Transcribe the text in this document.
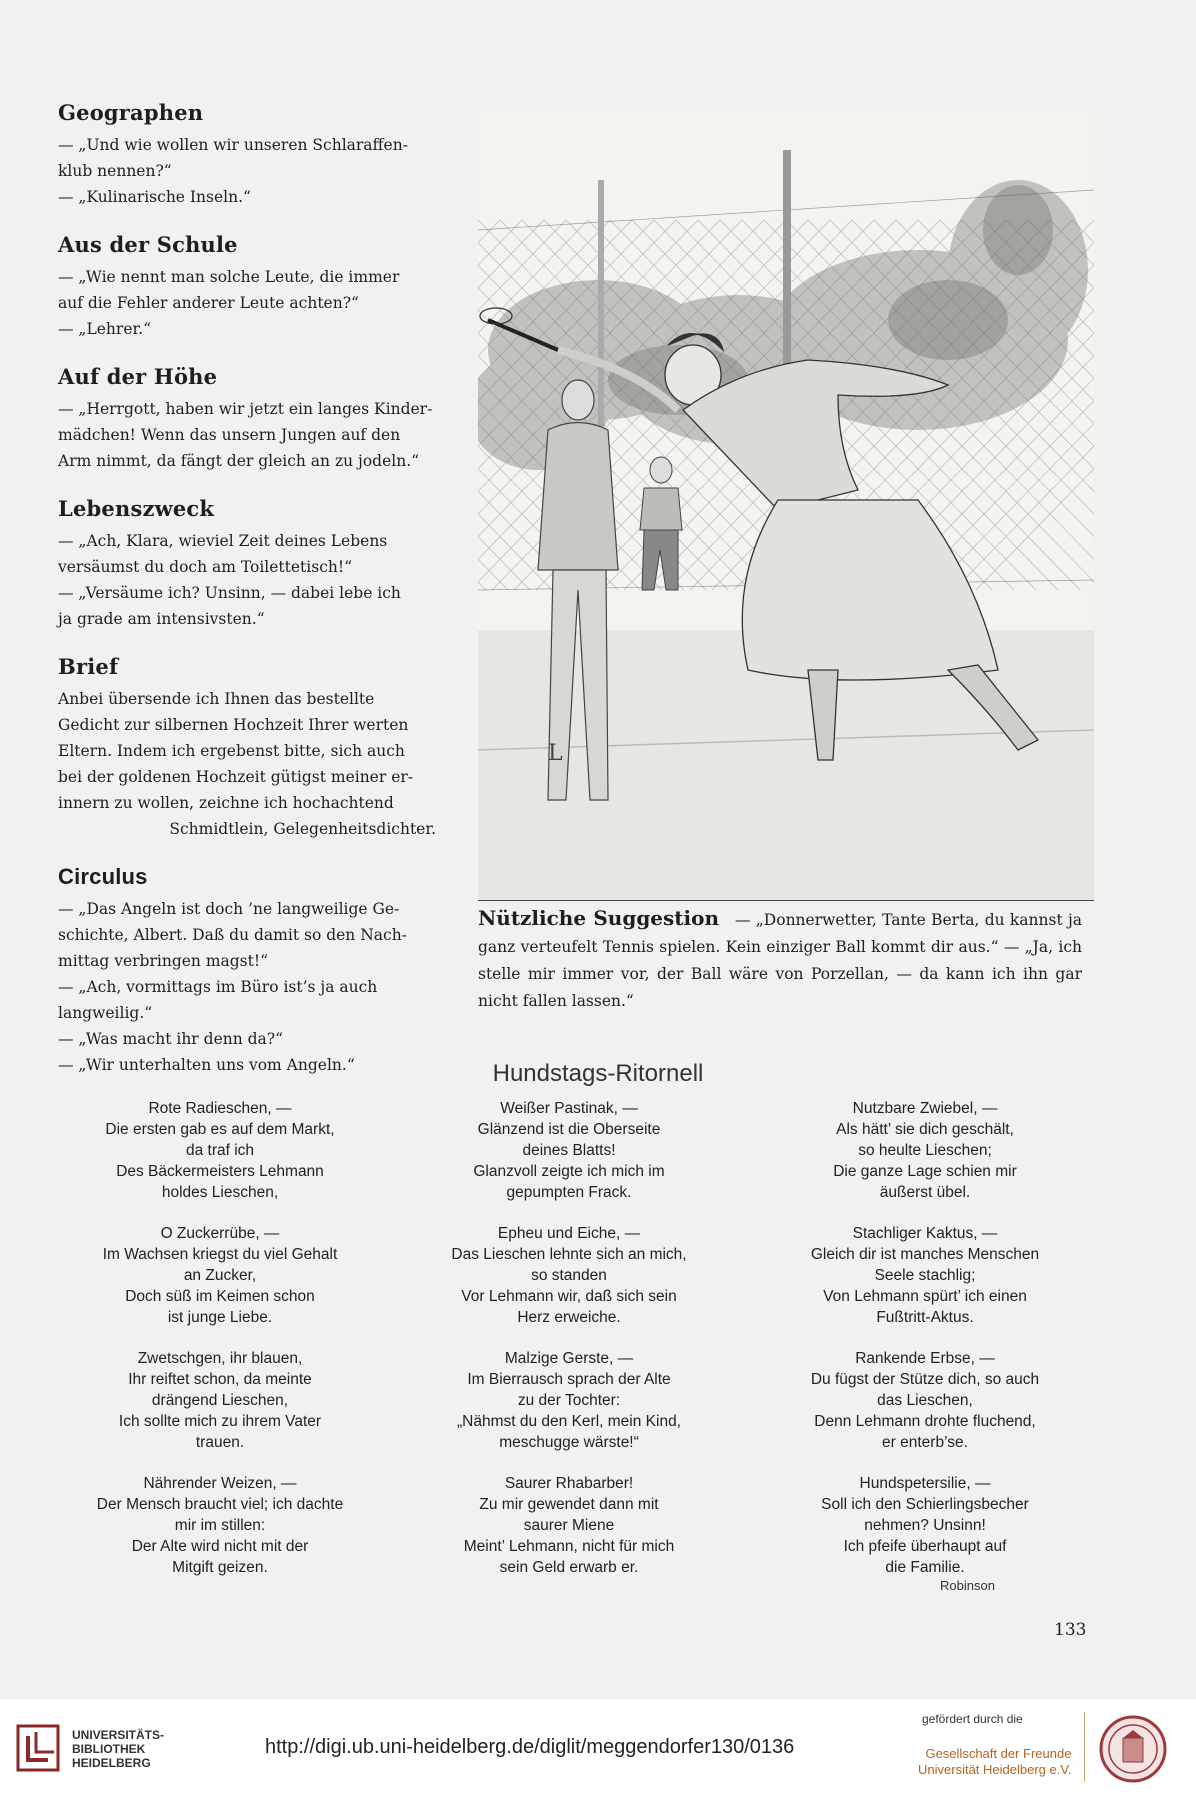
Geographen

— „Und wie wollen wir unseren Schlaraffen-

klub nennen?“

— „Kulinarische Inseln.“

Aus der Schule

— „Wie nennt man solche Leute, die immer

auf die Fehler anderer Leute achten?“

— „Lehrer.“

Auf der Höhe

— „Herrgott, haben wir jetzt ein langes Kinder-

mädchen! Wenn das unsern Jungen auf den

Arm nimmt, da fängt der gleich an zu jodeln.“

Lebenszweck

— „Ach, Klara, wieviel Zeit deines Lebens

versäumst du doch am Toilettetisch!“

— „Versäume ich? Unsinn, — dabei lebe ich

ja grade am intensivsten.“

Brief

Anbei übersende ich Ihnen das bestellte

Gedicht zur silbernen Hochzeit Ihrer werten

Eltern. Indem ich ergebenst bitte, sich auch

bei der goldenen Hochzeit gütigst meiner er-

innern zu wollen, zeichne ich hochachtend

Schmidtlein, Gelegenheitsdichter.

Circulus

— „Das Angeln ist doch ’ne langweilige Ge-

schichte, Albert. Daß du damit so den Nach-

mittag verbringen magst!“

— „Ach, vormittags im Büro ist’s ja auch

langweilig.“

— „Was macht ihr denn da?“

— „Wir unterhalten uns vom Angeln.“

L
Nützliche Suggestion — „Donnerwetter, Tante Berta, du kannst ja ganz verteufelt Tennis spielen. Kein einziger Ball kommt dir aus.“ — „Ja, ich stelle mir immer vor, der Ball wäre von Porzellan, — da kann ich ihn gar nicht fallen lassen.“
Hundstags-Ritornell
Rote Radieschen, —
Die ersten gab es auf dem Markt,
da traf ich
Des Bäckermeisters Lehmann
holdes Lieschen,
O Zuckerrübe, —
Im Wachsen kriegst du viel Gehalt
an Zucker,
Doch süß im Keimen schon
ist junge Liebe.
Zwetschgen, ihr blauen,
Ihr reiftet schon, da meinte
drängend Lieschen,
Ich sollte mich zu ihrem Vater
trauen.
Nährender Weizen, —
Der Mensch braucht viel; ich dachte
mir im stillen:
Der Alte wird nicht mit der
Mitgift geizen.
Weißer Pastinak, —
Glänzend ist die Oberseite
deines Blatts!
Glanzvoll zeigte ich mich im
gepumpten Frack.
Epheu und Eiche, —
Das Lieschen lehnte sich an mich,
so standen
Vor Lehmann wir, daß sich sein
Herz erweiche.
Malzige Gerste, —
Im Bierrausch sprach der Alte
zu der Tochter:
„Nähmst du den Kerl, mein Kind,
meschugge wärste!“
Saurer Rhabarber!
Zu mir gewendet dann mit
saurer Miene
Meint’ Lehmann, nicht für mich
sein Geld erwarb er.
Nutzbare Zwiebel, —
Als hätt’ sie dich geschält,
so heulte Lieschen;
Die ganze Lage schien mir
äußerst übel.
Stachliger Kaktus, —
Gleich dir ist manches Menschen
Seele stachlig;
Von Lehmann spürt’ ich einen
Fußtritt-Aktus.
Rankende Erbse, —
Du fügst der Stütze dich, so auch
das Lieschen,
Denn Lehmann drohte fluchend,
er enterb’se.
Hundspetersilie, —
Soll ich den Schierlingsbecher
nehmen? Unsinn!
Ich pfeife überhaupt auf
die Familie.
Robinson
133
UNIVERSITÄTS-
BIBLIOTHEK
HEIDELBERG
http://digi.ub.uni-heidelberg.de/diglit/meggendorfer130/0136
gefördert durch die
Gesellschaft der Freunde
Universität Heidelberg e.V.
